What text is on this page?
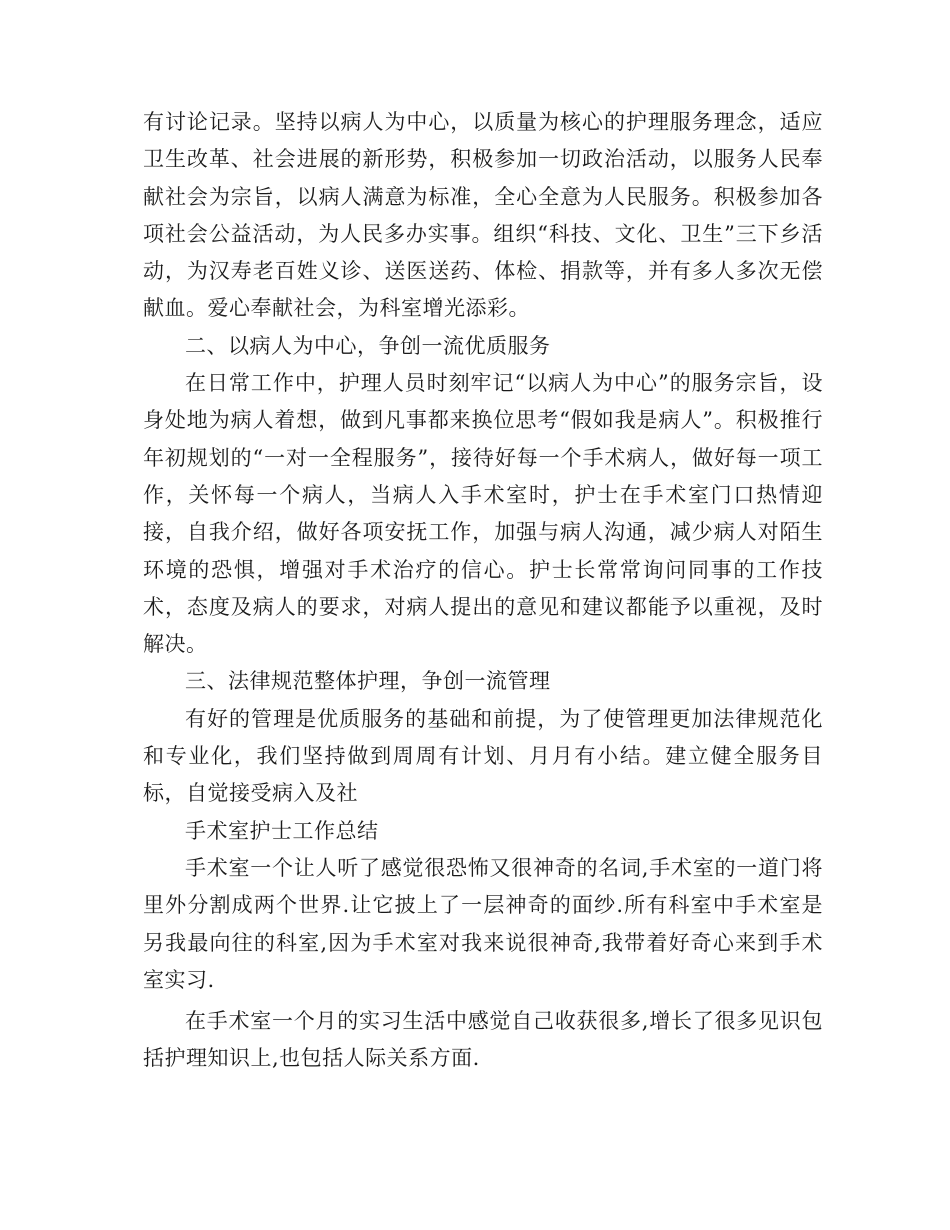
有讨论记录。坚持以病人为中心，以质量为核心的护理服务理念，适应卫生改革、社会进展的新形势，积极参加一切政治活动，以服务人民奉献社会为宗旨，以病人满意为标准，全心全意为人民服务。积极参加各项社会公益活动，为人民多办实事。组织“科技、文化、卫生”三下乡活动，为汉寿老百姓义诊、送医送药、体检、捐款等，并有多人多次无偿献血。爱心奉献社会，为科室增光添彩。

二、以病人为中心，争创一流优质服务

在日常工作中，护理人员时刻牢记“以病人为中心”的服务宗旨，设身处地为病人着想，做到凡事都来换位思考“假如我是病人”。积极推行年初规划的“一对一全程服务”，接待好每一个手术病人，做好每一项工作，关怀每一个病人，当病人入手术室时，护士在手术室门口热情迎接，自我介绍，做好各项安抚工作，加强与病人沟通，减少病人对陌生环境的恐惧，增强对手术治疗的信心。护士长常常询问同事的工作技术，态度及病人的要求，对病人提出的意见和建议都能予以重视，及时解决。

三、法律规范整体护理，争创一流管理

有好的管理是优质服务的基础和前提，为了使管理更加法律规范化和专业化，我们坚持做到周周有计划、月月有小结。建立健全服务目标，自觉接受病入及社

手术室护士工作总结

手术室一个让人听了感觉很恐怖又很神奇的名词,手术室的一道门将里外分割成两个世界.让它披上了一层神奇的面纱.所有科室中手术室是另我最向往的科室,因为手术室对我来说很神奇,我带着好奇心来到手术室实习.

在手术室一个月的实习生活中感觉自己收获很多,增长了很多见识包括护理知识上,也包括人际关系方面.
